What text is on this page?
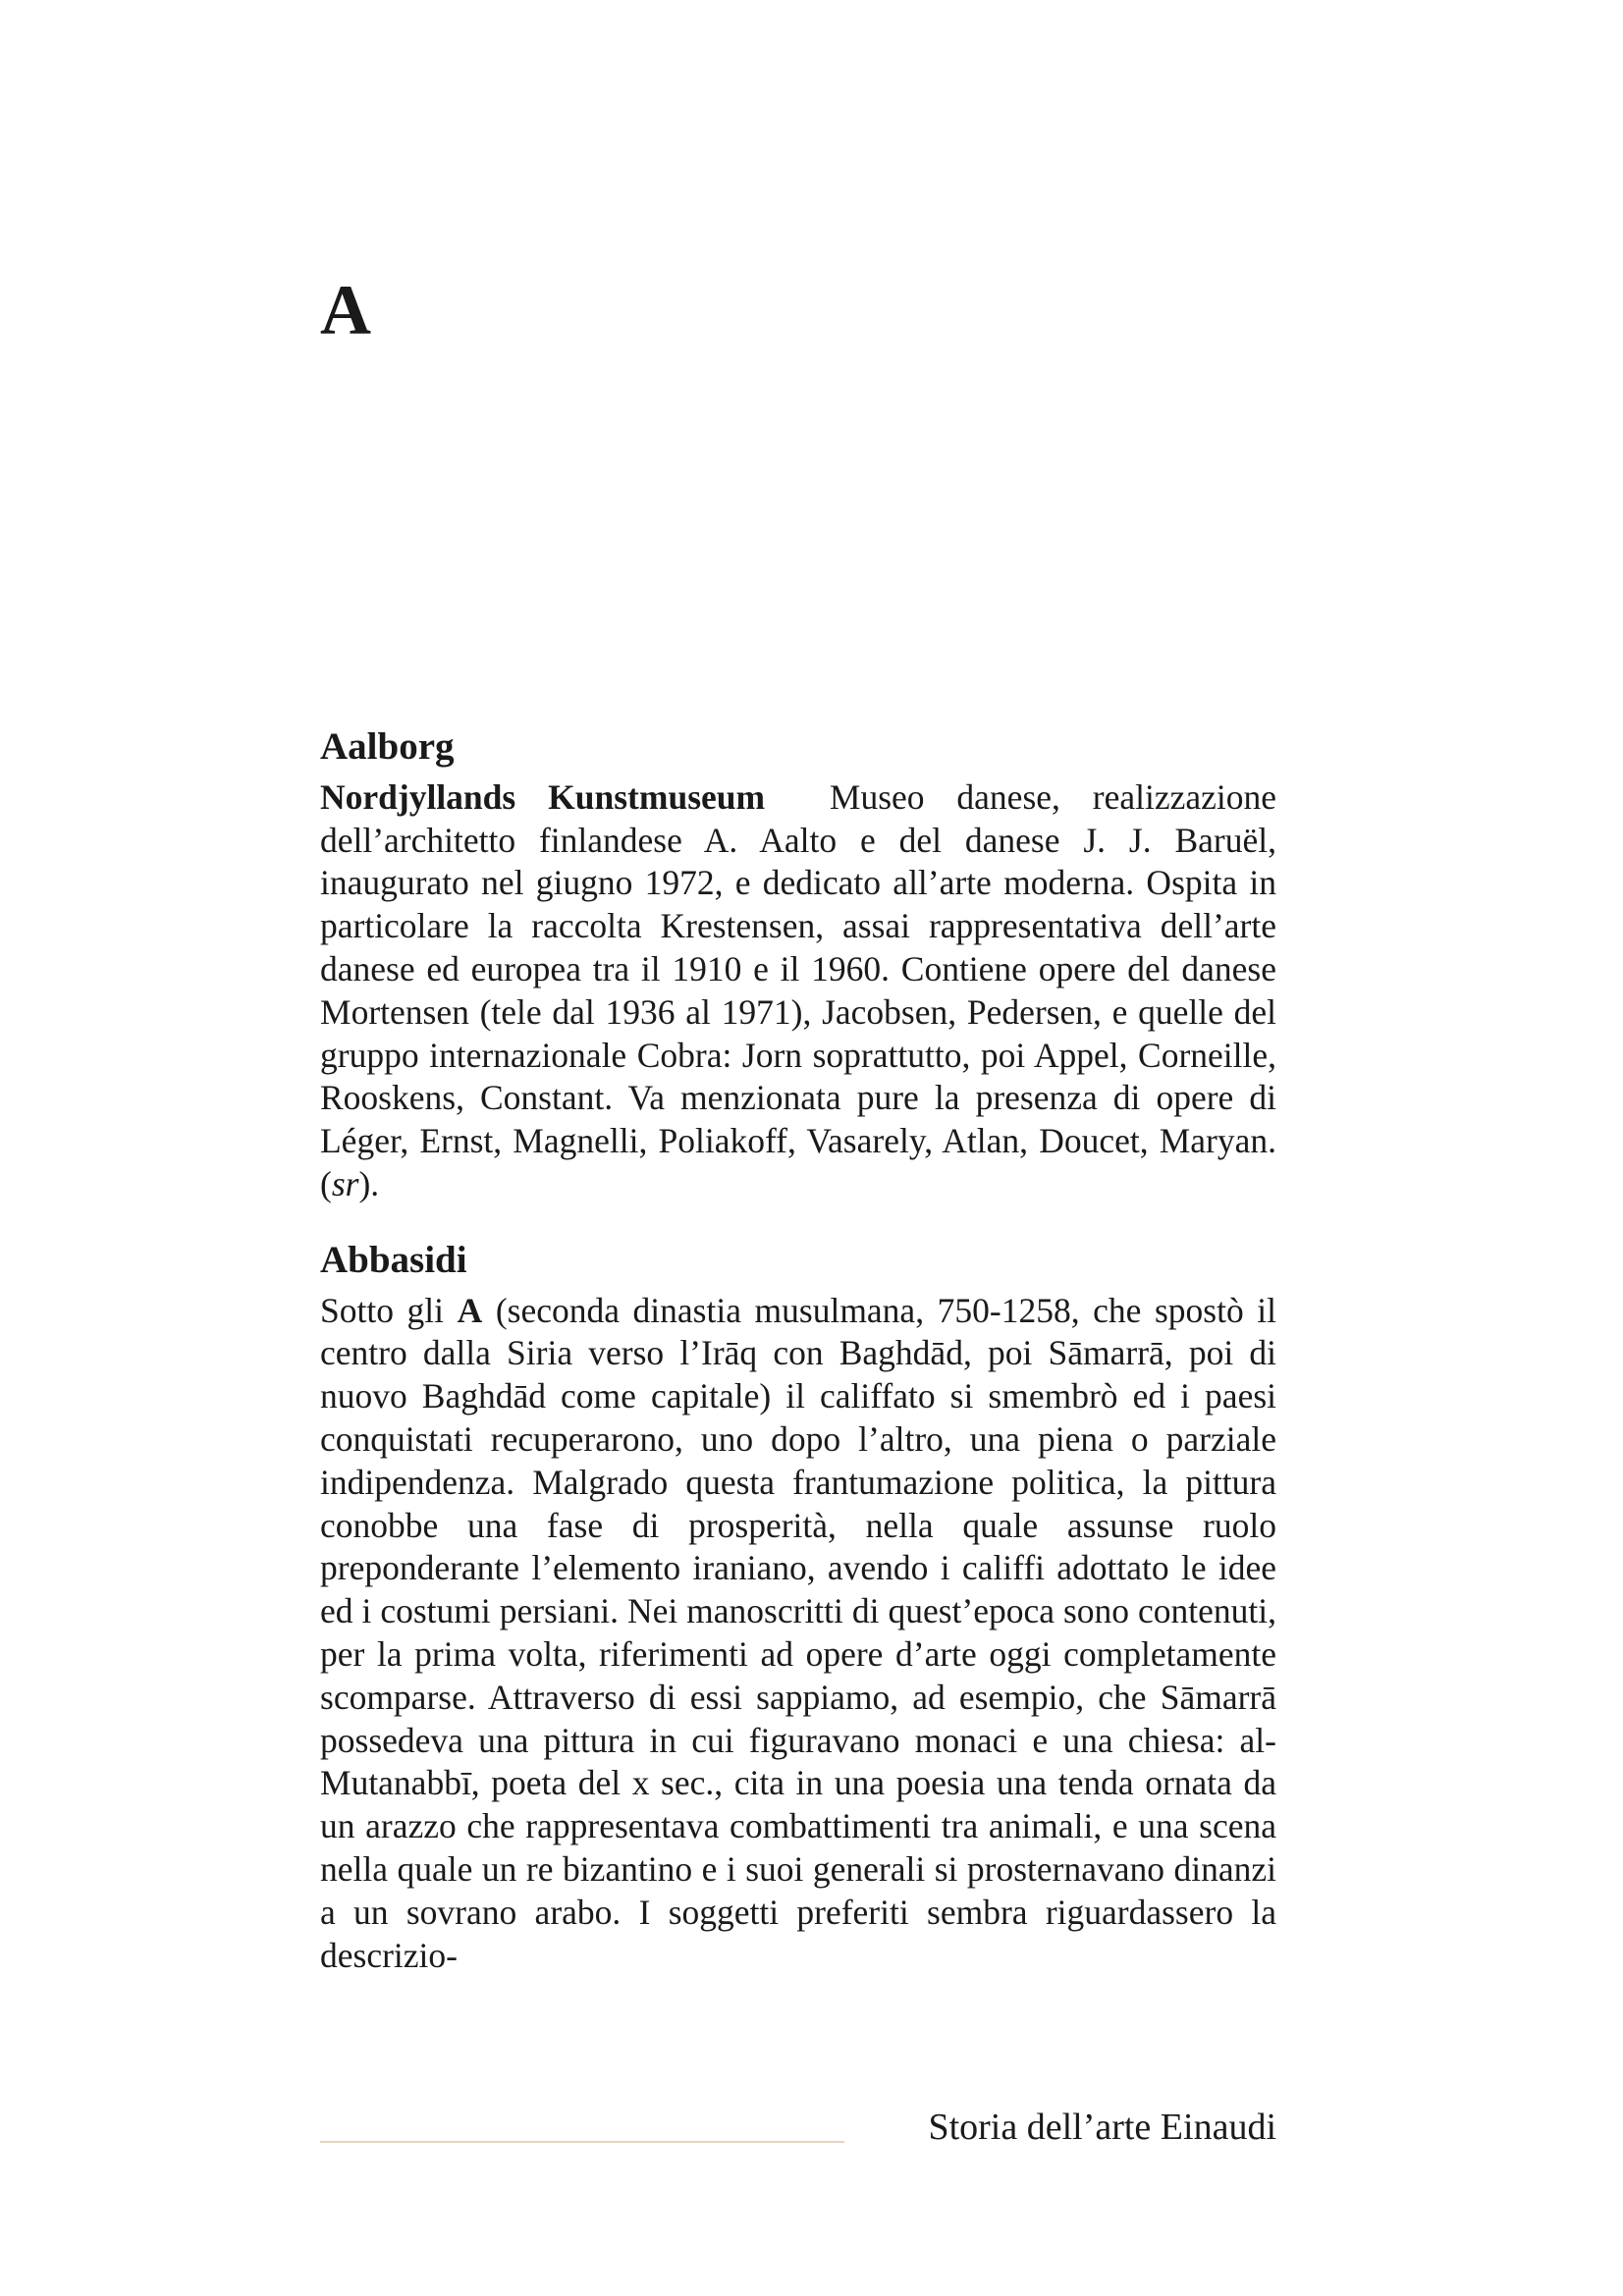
A
Aalborg

Nordjyllands Kunstmuseum Museo danese, realizzazione dell’architetto finlandese A. Aalto e del danese J. J. Baruël, inaugurato nel giugno 1972, e dedicato all’arte moderna. Ospita in particolare la raccolta Krestensen, assai rappresentativa dell’arte danese ed europea tra il 1910 e il 1960. Contiene opere del danese Mortensen (tele dal 1936 al 1971), Jacobsen, Pedersen, e quelle del gruppo internazionale Cobra: Jorn soprattutto, poi Appel, Corneille, Rooskens, Constant. Va menzionata pure la presenza di opere di Léger, Ernst, Magnelli, Poliakoff, Vasarely, Atlan, Doucet, Maryan. (sr).

Abbasidi

Sotto gli A (seconda dinastia musulmana, 750-1258, che spostò il centro dalla Siria verso l’Irāq con Baghdād, poi Sāmarrā, poi di nuovo Baghdād come capitale) il califfato si smembrò ed i paesi conquistati recuperarono, uno dopo l’altro, una piena o parziale indipendenza. Malgrado questa frantumazione politica, la pittura conobbe una fase di prosperità, nella quale assunse ruolo preponderante l’elemento iraniano, avendo i califfi adottato le idee ed i costumi persiani. Nei manoscritti di quest’epoca sono contenuti, per la prima volta, riferimenti ad opere d’arte oggi completamente scomparse. Attraverso di essi sappiamo, ad esempio, che Sāmarrā possedeva una pittura in cui figuravano monaci e una chiesa: al-Mutanabbī, poeta del x sec., cita in una poesia una tenda ornata da un arazzo che rappresentava combattimenti tra animali, e una scena nella quale un re bizantino e i suoi generali si prosternavano dinanzi a un sovrano arabo. I soggetti preferiti sembra riguardassero la descrizio-

Storia dell’arte Einaudi
